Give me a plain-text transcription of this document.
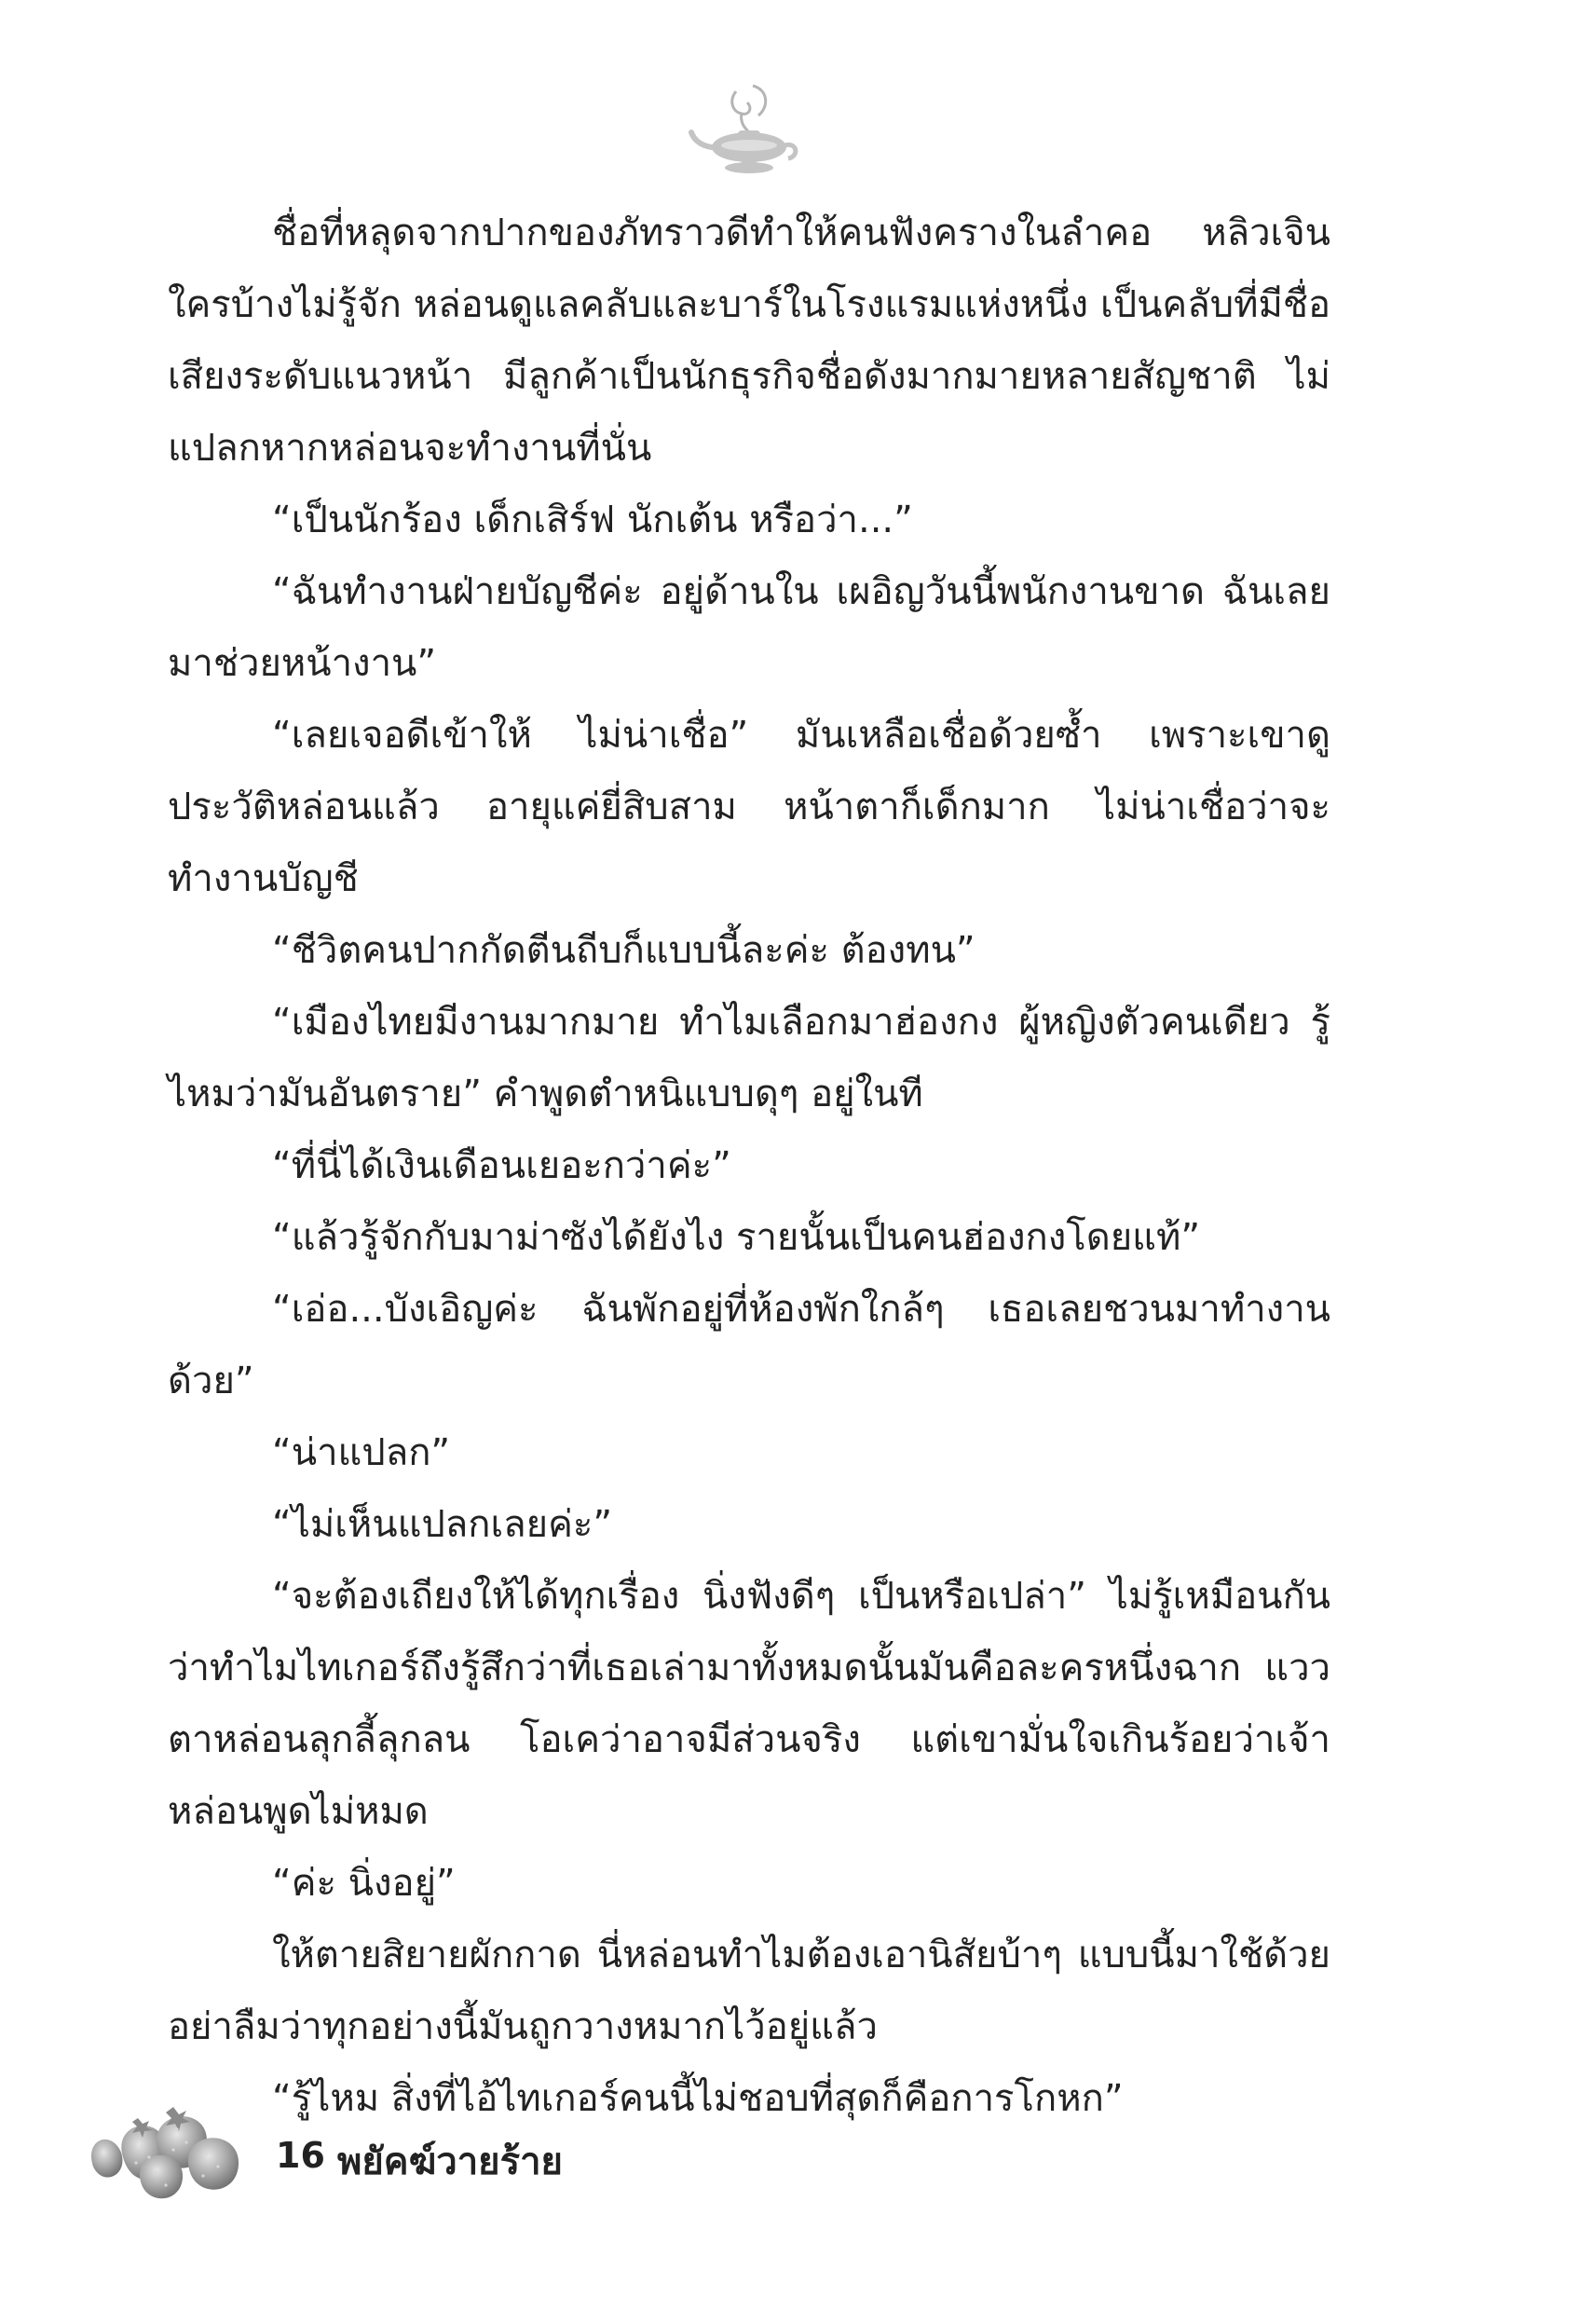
ชื่อที่หลุดจากปากของภัทราวดีทำให้คนฟังครางในลำคอ หลิวเจิน ใครบ้างไม่รู้จัก หล่อนดูแลคลับและบาร์ในโรงแรมแห่งหนึ่ง เป็นคลับที่มีชื่อเสียงระดับแนวหน้า มีลูกค้าเป็นนักธุรกิจชื่อดังมากมายหลายสัญชาติ ไม่แปลกหากหล่อนจะทำงานที่นั่น

“เป็นนักร้อง เด็กเสิร์ฟ นักเต้น หรือว่า...”

“ฉันทำงานฝ่ายบัญชีค่ะ อยู่ด้านใน เผอิญวันนี้พนักงานขาด ฉันเลยมาช่วยหน้างาน”

“เลยเจอดีเข้าให้ ไม่น่าเชื่อ” มันเหลือเชื่อด้วยซ้ำ เพราะเขาดูประวัติหล่อนแล้ว อายุแค่ยี่สิบสาม หน้าตาก็เด็กมาก ไม่น่าเชื่อว่าจะทำงานบัญชี

“ชีวิตคนปากกัดตีนถีบก็แบบนี้ละค่ะ ต้องทน”

“เมืองไทยมีงานมากมาย ทำไมเลือกมาฮ่องกง ผู้หญิงตัวคนเดียว รู้ไหมว่ามันอันตราย” คำพูดตำหนิแบบดุๆ อยู่ในที

“ที่นี่ได้เงินเดือนเยอะกว่าค่ะ”

“แล้วรู้จักกับมาม่าซังได้ยังไง รายนั้นเป็นคนฮ่องกงโดยแท้”

“เอ่อ...บังเอิญค่ะ ฉันพักอยู่ที่ห้องพักใกล้ๆ เธอเลยชวนมาทำงานด้วย”

“น่าแปลก”

“ไม่เห็นแปลกเลยค่ะ”

“จะต้องเถียงให้ได้ทุกเรื่อง นิ่งฟังดีๆ เป็นหรือเปล่า” ไม่รู้เหมือนกันว่าทำไมไทเกอร์ถึงรู้สึกว่าที่เธอเล่ามาทั้งหมดนั้นมันคือละครหนึ่งฉาก แววตาหล่อนลุกลี้ลุกลน โอเคว่าอาจมีส่วนจริง แต่เขามั่นใจเกินร้อยว่าเจ้าหล่อนพูดไม่หมด

“ค่ะ นิ่งอยู่”

ให้ตายสิยายผักกาด นี่หล่อนทำไมต้องเอานิสัยบ้าๆ แบบนี้มาใช้ด้วย อย่าลืมว่าทุกอย่างนี้มันถูกวางหมากไว้อยู่แล้ว

“รู้ไหม สิ่งที่ไอ้ไทเกอร์คนนี้ไม่ชอบที่สุดก็คือการโกหก”

16 พยัคฆ์วายร้าย
